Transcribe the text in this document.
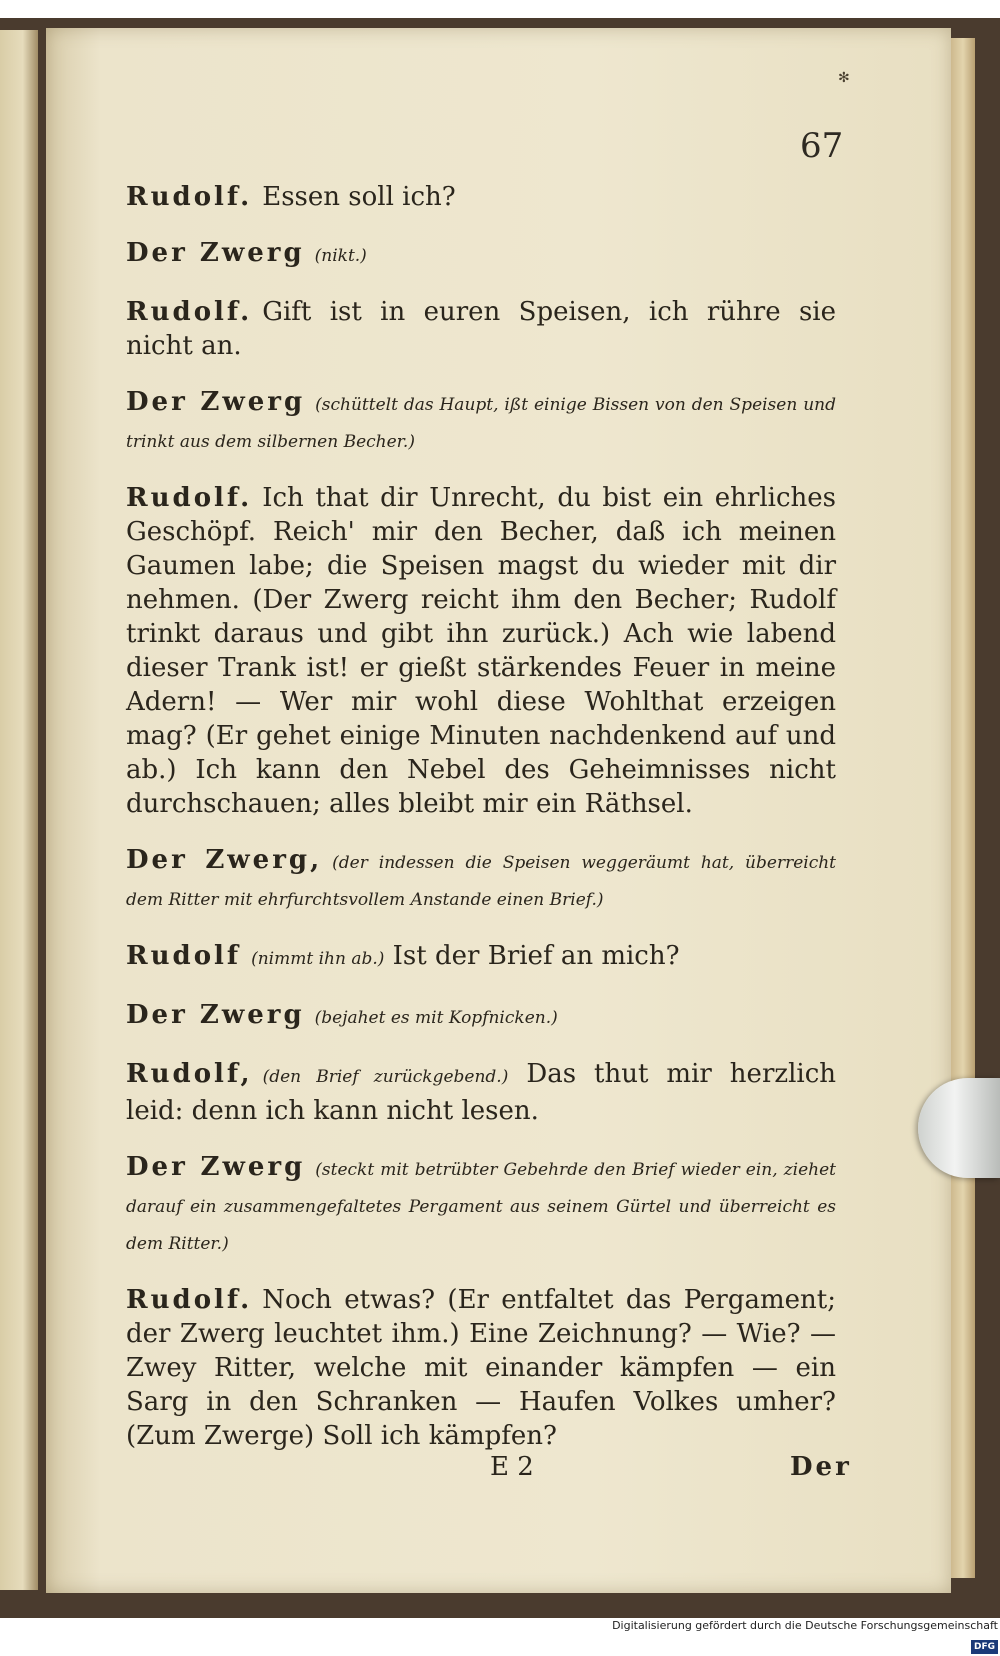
✻
67

Rudolf. Essen soll ich?

Der Zwerg (nikt.)

Rudolf. Gift ist in euren Speisen, ich rühre sie nicht an.

Der Zwerg (schüttelt das Haupt, ißt einige Bissen von den Speisen und trinkt aus dem silbernen Becher.)

Rudolf. Ich that dir Unrecht, du bist ein ehrliches Geschöpf. Reich' mir den Becher, daß ich meinen Gaumen labe; die Speisen magst du wieder mit dir nehmen. (Der Zwerg reicht ihm den Becher; Rudolf trinkt daraus und gibt ihn zurück.) Ach wie labend dieser Trank ist! er gießt stärkendes Feuer in meine Adern! — Wer mir wohl diese Wohlthat erzeigen mag? (Er gehet einige Minuten nachdenkend auf und ab.) Ich kann den Nebel des Geheimnisses nicht durchschauen; alles bleibt mir ein Räthsel.

Der Zwerg, (der indessen die Speisen weggeräumt hat, überreicht dem Ritter mit ehrfurchtsvollem Anstande einen Brief.)

Rudolf (nimmt ihn ab.) Ist der Brief an mich?

Der Zwerg (bejahet es mit Kopfnicken.)

Rudolf, (den Brief zurückgebend.) Das thut mir herzlich leid: denn ich kann nicht lesen.

Der Zwerg (steckt mit betrübter Gebehrde den Brief wieder ein, ziehet darauf ein zusammengefaltetes Pergament aus seinem Gürtel und überreicht es dem Ritter.)

Rudolf. Noch etwas? (Er entfaltet das Pergament; der Zwerg leuchtet ihm.) Eine Zeichnung? — Wie? — Zwey Ritter, welche mit einander kämpfen — ein Sarg in den Schranken — Haufen Volkes umher? (Zum Zwerge) Soll ich kämpfen?

E 2	Der
Digitalisierung gefördert durch die Deutsche Forschungsgemeinschaft DFG
